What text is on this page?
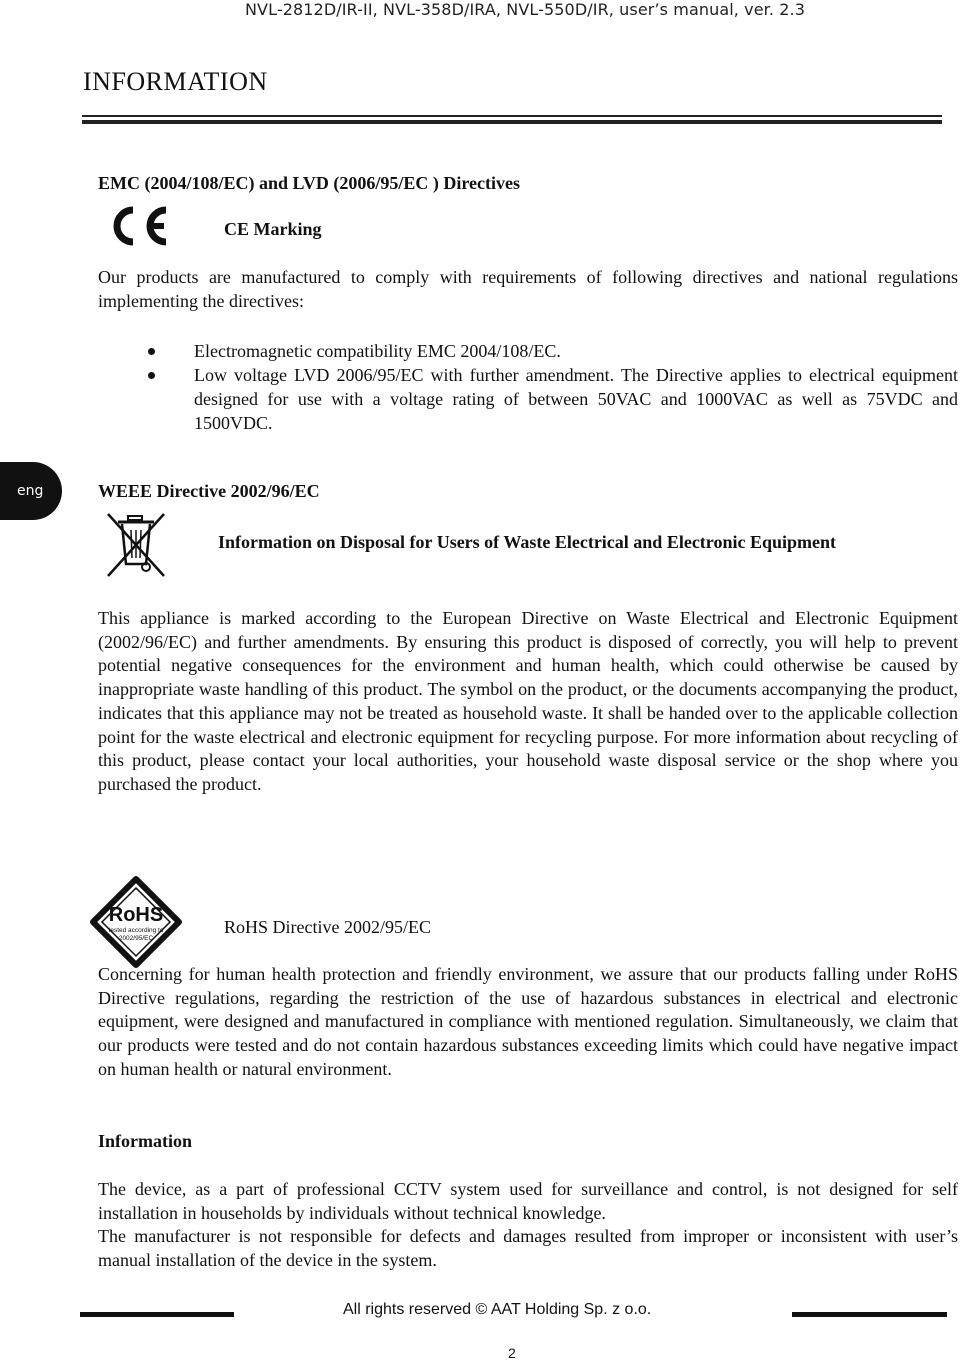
NVL-2812D/IR-II, NVL-358D/IRA, NVL-550D/IR, user’s manual, ver. 2.3
INFORMATION
EMC (2004/108/EC) and LVD (2006/95/EC ) Directives
CE Marking
Our products are manufactured to comply with requirements of following directives and national regulations implementing the directives:
Electromagnetic compatibility EMC 2004/108/EC.
Low voltage LVD 2006/95/EC with further amendment. The Directive applies to electrical equipment designed for use with a voltage rating of between 50VAC and 1000VAC as well as 75VDC and 1500VDC.
eng	WEEE Directive 2002/96/EC
Information on Disposal for Users of Waste Electrical and Electronic Equipment
This appliance is marked according to the European Directive on Waste Electrical and Electronic Equipment (2002/96/EC) and further amendments. By ensuring this product is disposed of correctly, you will help to prevent potential negative consequences for the environment and human health, which could otherwise be caused by inappropriate waste handling of this product. The symbol on the product, or the documents accompanying the product, indicates that this appliance may not be treated as household waste. It shall be handed over to the applicable collection point for the waste electrical and electronic equipment for recycling purpose. For more information about recycling of this product, please contact your local authorities, your household waste disposal service or the shop where you purchased the product.
RoHS
tested according to
2002/95/EC
RoHS Directive 2002/95/EC
Concerning for human health protection and friendly environment, we assure that our products falling under RoHS Directive regulations, regarding the restriction of the use of hazardous substances in electrical and electronic equipment, were designed and manufactured in compliance with mentioned regulation. Simultaneously, we claim that our products were tested and do not contain hazardous substances exceeding limits which could have negative impact on human health or natural environment.
Information
The device, as a part of professional CCTV system used for surveillance and control, is not designed for self installation in households by individuals without technical knowledge.
The manufacturer is not responsible for defects and damages resulted from improper or inconsistent with user’s manual installation of the device in the system.
All rights reserved © AAT Holding Sp. z o.o.
2
